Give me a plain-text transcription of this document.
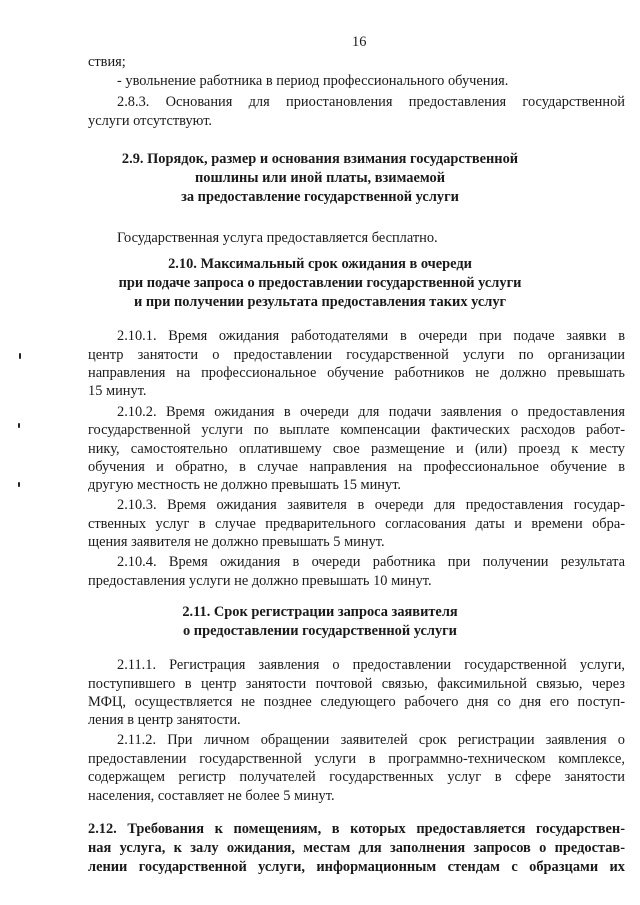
16
ствия;
- увольнение работника в период профессионального обучения.
2.8.3. Основания для приостановления предоставления государственной
услуги отсутствуют.
2.9. Порядок, размер и основания взимания государственной
пошлины или иной платы, взимаемой
за предоставление государственной услуги
Государственная услуга предоставляется бесплатно.
2.10. Максимальный срок ожидания в очереди
при подаче запроса о предоставлении государственной услуги
и при получении результата предоставления таких услуг
2.10.1. Время ожидания работодателями в очереди при подаче заявки в
центр занятости о предоставлении государственной услуги по организации
направления на профессиональное обучение работников не должно превышать
15 минут.
2.10.2. Время ожидания в очереди для подачи заявления о предоставления
государственной услуги по выплате компенсации фактических расходов работ-
нику, самостоятельно оплатившему свое размещение и (или) проезд к месту
обучения и обратно, в случае направления на профессиональное обучение в
другую местность не должно превышать 15 минут.
2.10.3. Время ожидания заявителя в очереди для предоставления государ-
ственных услуг в случае предварительного согласования даты и времени обра-
щения заявителя не должно превышать 5 минут.
2.10.4. Время ожидания в очереди работника при получении результата
предоставления услуги не должно превышать 10 минут.
2.11. Срок регистрации запроса заявителя
о предоставлении государственной услуги
2.11.1. Регистрация заявления о предоставлении государственной услуги,
поступившего в центр занятости почтовой связью, факсимильной связью, через
МФЦ, осуществляется не позднее следующего рабочего дня со дня его поступ-
ления в центр занятости.
2.11.2. При личном обращении заявителей срок регистрации заявления о
предоставлении государственной услуги в программно-техническом комплексе,
содержащем регистр получателей государственных услуг в сфере занятости
населения, составляет не более 5 минут.
2.12. Требования к помещениям, в которых предоставляется государствен-
ная услуга, к залу ожидания, местам для заполнения запросов о предостав-
лении государственной услуги, информационным стендам с образцами их
